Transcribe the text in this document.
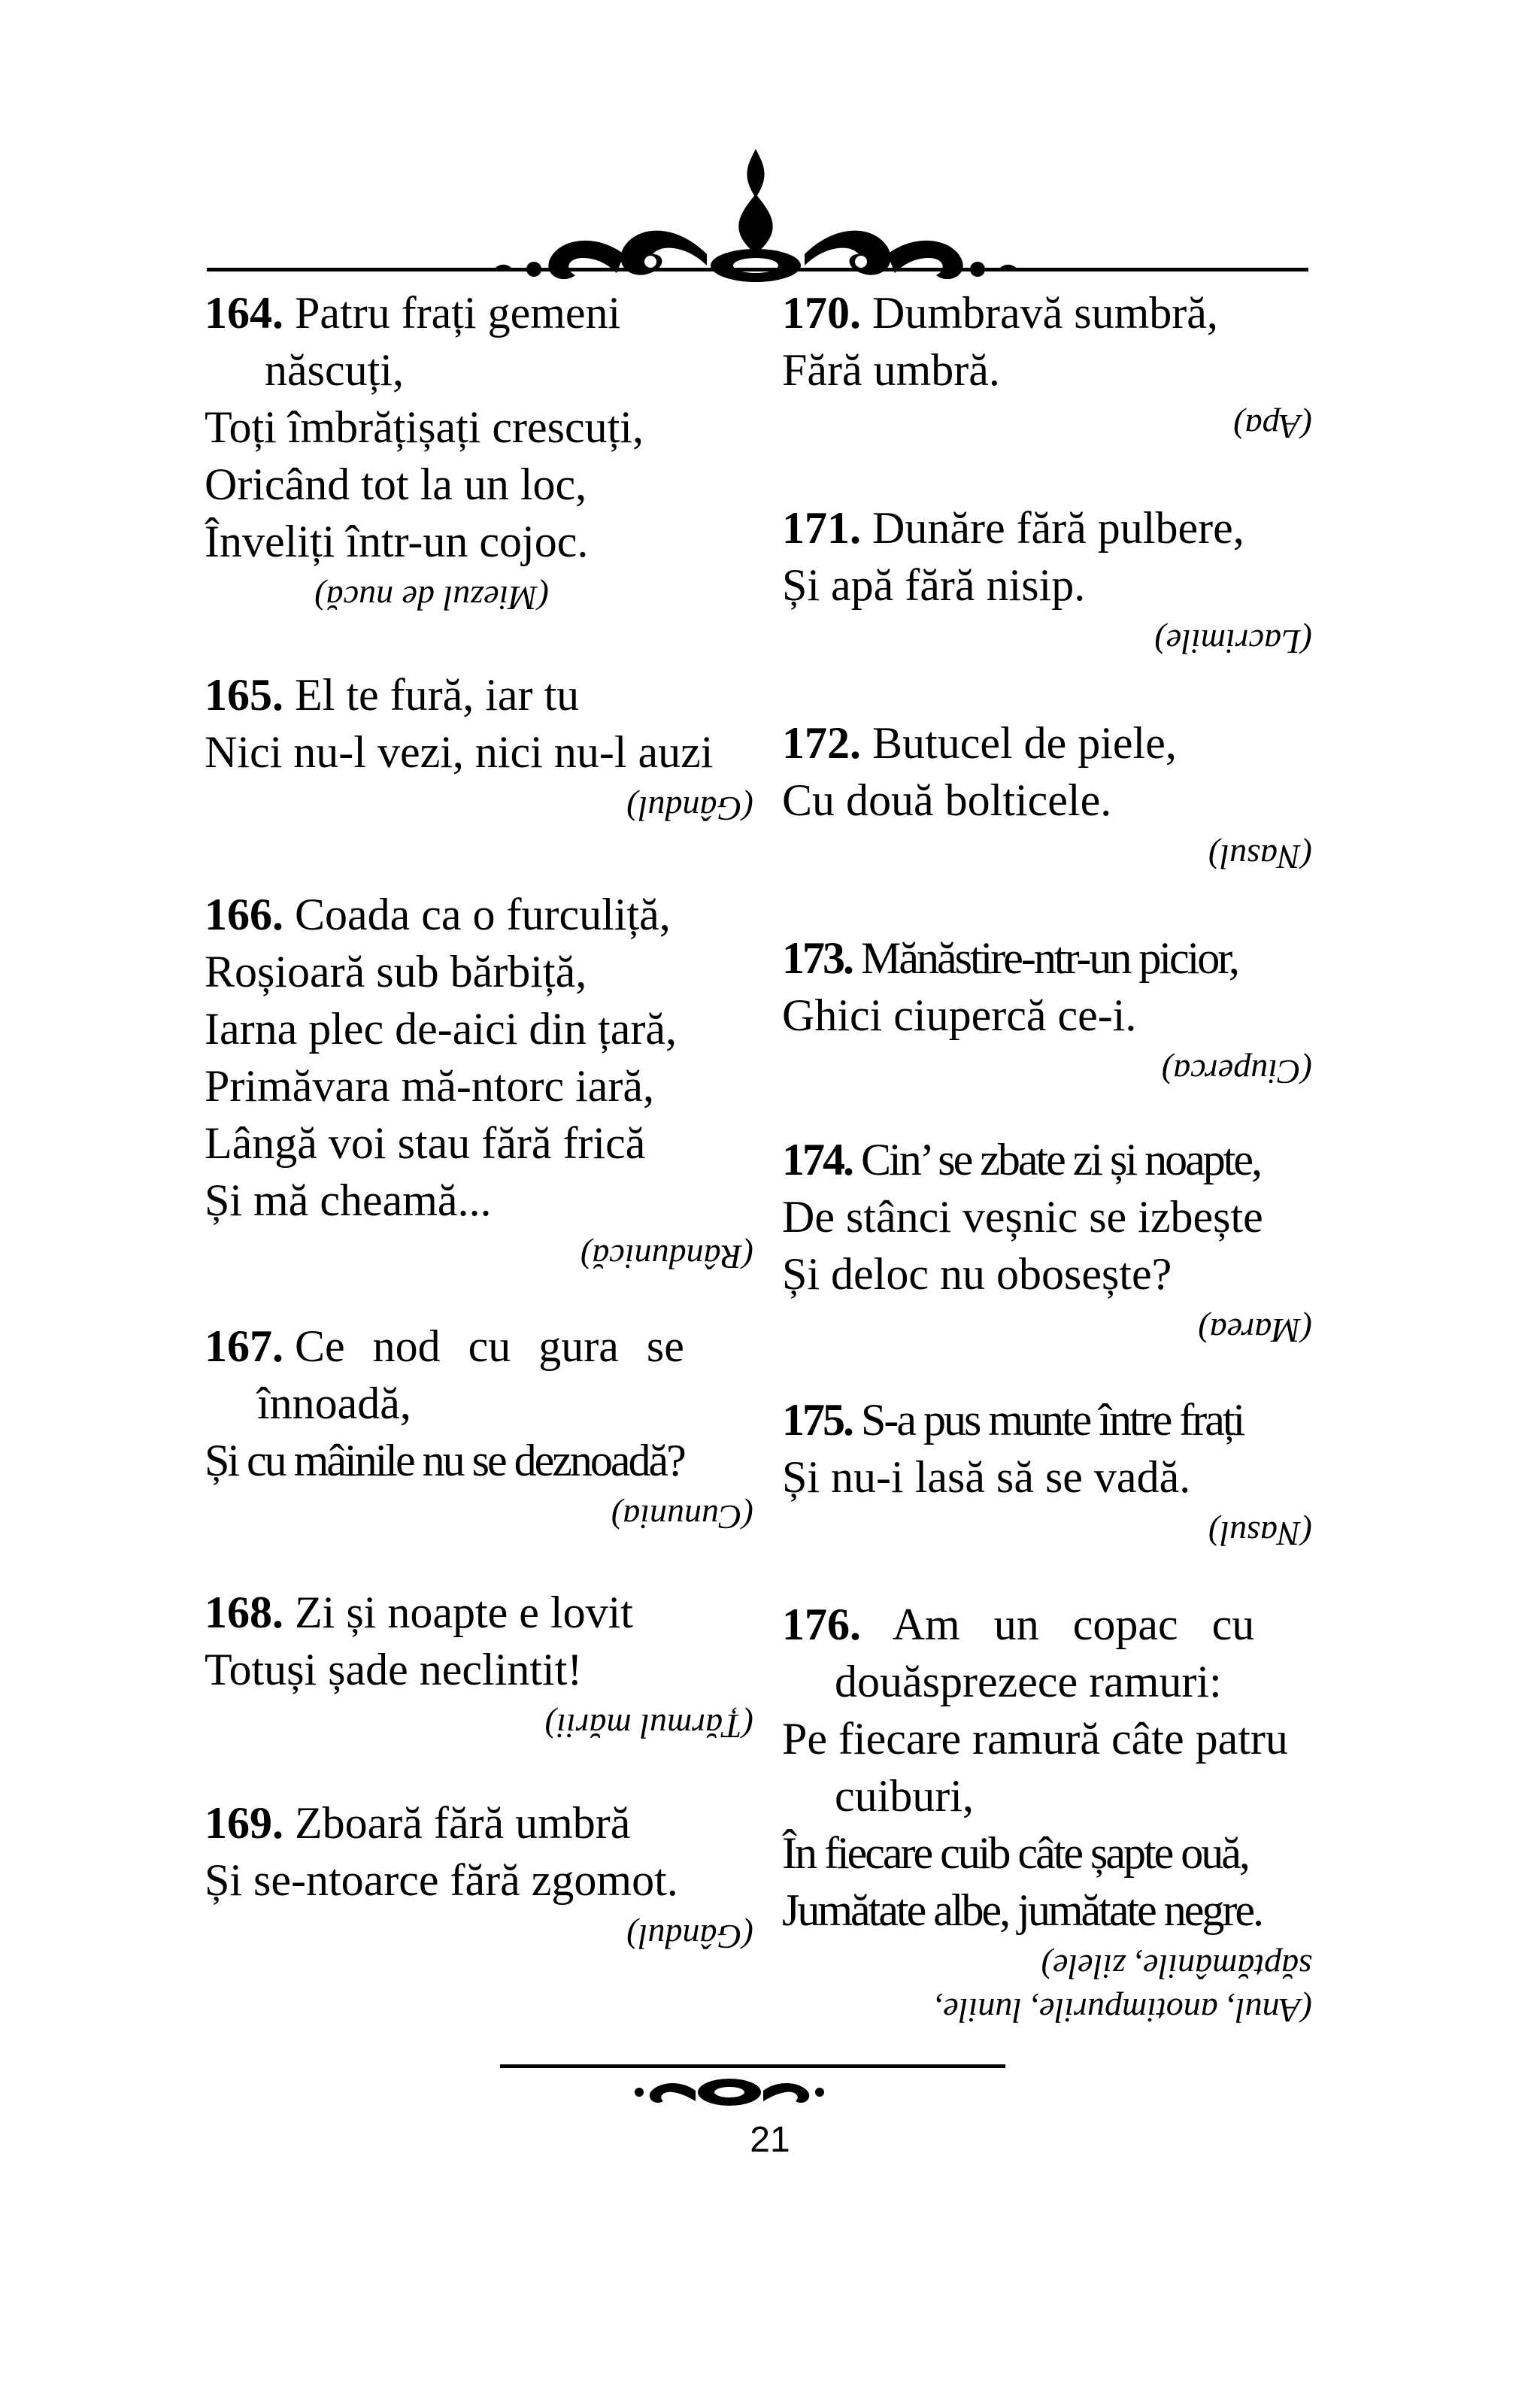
164. Patru frați gemeni
născuți,
Toți îmbrățișați crescuți,
Oricând tot la un loc,
Înveliți într-un cojoc.
(Miezul de nucă)
165. El te fură, iar tu
Nici nu-l vezi, nici nu-l auzi
(Gândul)
166. Coada ca o furculiță,
Roșioară sub bărbiță,
Iarna plec de-aici din țară,
Primăvara mă-ntorc iară,
Lângă voi stau fără frică
Și mă cheamă...
(Rândunică)
167. Ce nod cu gura se
înnoadă,
Și cu mâinile nu se deznoadă?
(Cununia)
168. Zi și noapte e lovit
Totuși șade neclintit!
(Țărmul mării)
169. Zboară fără umbră
Și se-ntoarce fără zgomot.
(Gândul)
170. Dumbravă sumbră,
Fără umbră.
(Apa)
171. Dunăre fără pulbere,
Și apă fără nisip.
(Lacrimile)
172. Butucel de piele,
Cu două bolticele.
(Nasul)
173. Mănăstire-ntr-un picior,
Ghici ciupercă ce-i.
(Ciuperca)
174. Cin’ se zbate zi și noapte,
De stânci veșnic se izbește
Și deloc nu obosește?
(Marea)
175. S-a pus munte între frați
Și nu-i lasă să se vadă.
(Nasul)
176. Am un copac cu
douăsprezece ramuri:
Pe fiecare ramură câte patru
cuiburi,
În fiecare cuib câte șapte ouă,
Jumătate albe, jumătate negre.
(Anul, anotimpurile, lunile,
săptămânile, zilele)
21
